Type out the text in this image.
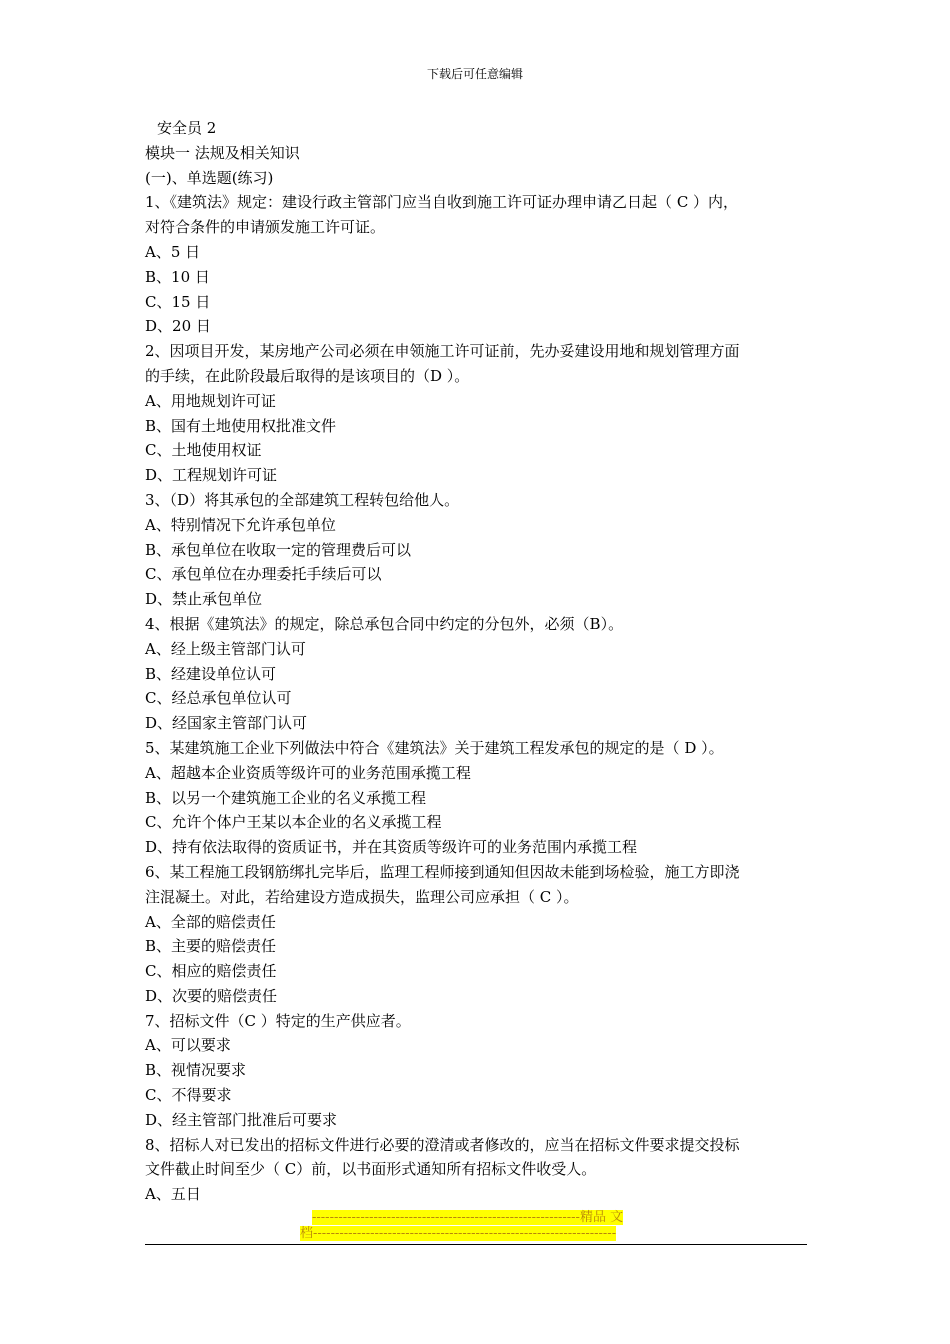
下载后可任意编辑
安全员 2
模块一 法规及相关知识
(一)、单选题(练习)
1、《建筑法》规定：建设行政主管部门应当自收到施工许可证办理申请乙日起（ C ）内，
对符合条件的申请颁发施工许可证。
A、5 日
B、10 日
C、15 日
D、20 日
2、因项目开发，某房地产公司必须在申领施工许可证前，先办妥建设用地和规划管理方面
的手续，在此阶段最后取得的是该项目的（D ）。
A、用地规划许可证
B、国有土地使用权批准文件
C、土地使用权证
D、工程规划许可证
3、（D）将其承包的全部建筑工程转包给他人。
A、特别情况下允许承包单位
B、承包单位在收取一定的管理费后可以
C、承包单位在办理委托手续后可以
D、禁止承包单位
4、根据《建筑法》的规定，除总承包合同中约定的分包外，必须（B）。
A、经上级主管部门认可
B、经建设单位认可
C、经总承包单位认可
D、经国家主管部门认可
5、某建筑施工企业下列做法中符合《建筑法》关于建筑工程发承包的规定的是（ D ）。
A、超越本企业资质等级许可的业务范围承揽工程
B、以另一个建筑施工企业的名义承揽工程
C、允许个体户王某以本企业的名义承揽工程
D、持有依法取得的资质证书，并在其资质等级许可的业务范围内承揽工程
6、某工程施工段钢筋绑扎完毕后，监理工程师接到通知但因故未能到场检验，施工方即浇
注混凝土。对此，若给建设方造成损失，监理公司应承担（ C ）。
A、全部的赔偿责任
B、主要的赔偿责任
C、相应的赔偿责任
D、次要的赔偿责任
7、招标文件（C ）特定的生产供应者。
A、可以要求
B、视情况要求
C、不得要求
D、经主管部门批准后可要求
8、招标人对已发出的招标文件进行必要的澄清或者修改的，应当在招标文件要求提交投标
文件截止时间至少（ C）前，以书面形式通知所有招标文件收受人。
A、五日
-------------------------------------------------------------精品 文
档---------------------------------------------------------------------
